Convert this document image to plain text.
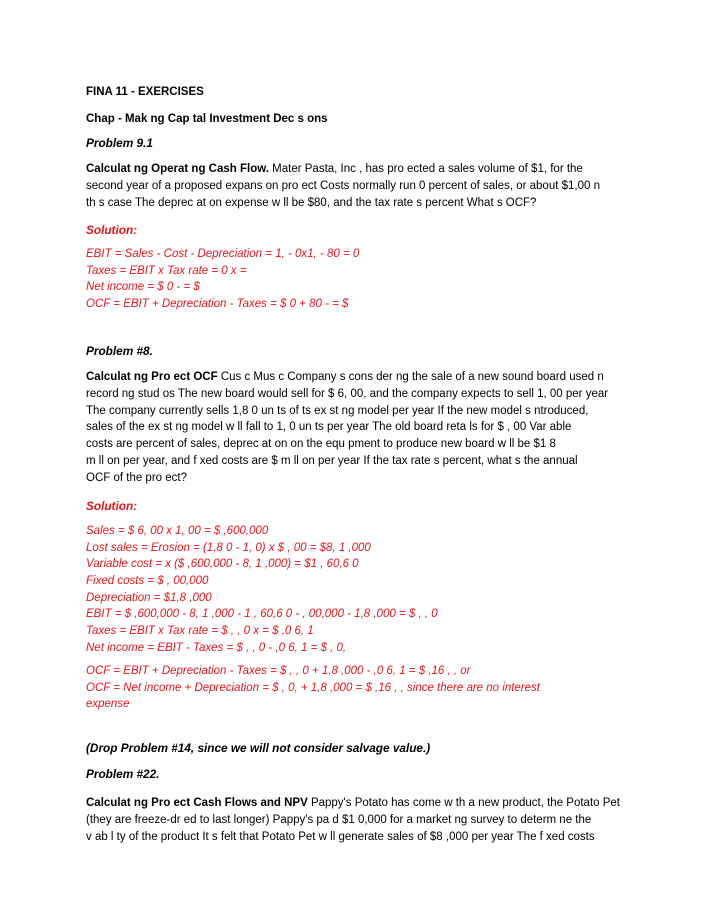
FINA 11 - EXERCISES
Chap - Mak ng Cap tal Investment Dec s ons
Problem 9.1
Calculat ng Operat ng Cash Flow. Mater Pasta, Inc , has pro ected a sales volume of $1, for the
second year of a proposed expans on pro ect Costs normally run 0 percent of sales, or about $1,00 n
th s case The deprec at on expense w ll be $80, and the tax rate s percent What s OCF?
Solution:
EBIT = Sales - Cost - Depreciation = 1, - 0x1, - 80 = 0
Taxes = EBIT x Tax rate = 0 x =
Net income = $ 0 - = $
OCF = EBIT + Depreciation - Taxes = $ 0 + 80 - = $
Problem #8.
Calculat ng Pro ect OCF Cus c Mus c Company s cons der ng the sale of a new sound board used n
record ng stud os The new board would sell for $ 6, 00, and the company expects to sell 1, 00 per year
The company currently sells 1,8 0 un ts of ts ex st ng model per year If the new model s ntroduced,
sales of the ex st ng model w ll fall to 1, 0 un ts per year The old board reta ls for $ , 00 Var able
costs are percent of sales, deprec at on on the equ pment to produce new board w ll be $1 8
m ll on per year, and f xed costs are $ m ll on per year If the tax rate s percent, what s the annual
OCF of the pro ect?
Solution:
Sales = $ 6, 00 x 1, 00 = $ ,600,000
Lost sales = Erosion = (1,8 0 - 1, 0) x $ , 00 = $8, 1 ,000
Variable cost = x ($ ,600,000 - 8, 1 ,000) = $1 , 60,6 0
Fixed costs = $ , 00,000
Depreciation = $1,8 ,000
EBIT = $ ,600,000 - 8, 1 ,000 - 1 , 60,6 0 - , 00,000 - 1,8 ,000 = $ , , 0
Taxes = EBIT x Tax rate = $ , , 0 x = $ ,0 6, 1
Net income = EBIT - Taxes = $ , , 0 - ,0 6, 1 = $ , 0,
OCF = EBIT + Depreciation - Taxes = $ , , 0 + 1,8 ,000 - ,0 6, 1 = $ ,16 , , or
OCF = Net income + Depreciation = $ , 0, + 1,8 ,000 = $ ,16 , , since there are no interest
expense
(Drop Problem #14, since we will not consider salvage value.)
Problem #22.
Calculat ng Pro ect Cash Flows and NPV Pappy's Potato has come w th a new product, the Potato Pet
(they are freeze-dr ed to last longer) Pappy's pa d $1 0,000 for a market ng survey to determ ne the
v ab l ty of the product It s felt that Potato Pet w ll generate sales of $8 ,000 per year The f xed costs
